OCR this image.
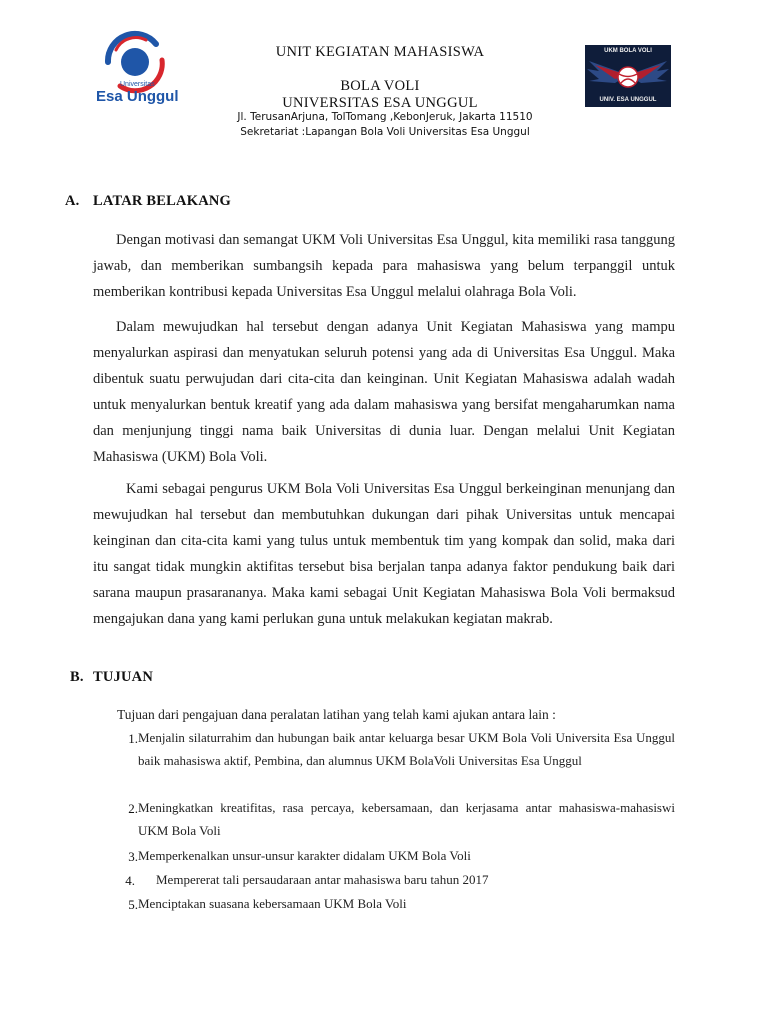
Universitas
Esa Unggul
UKM BOLA VOLI
UNIV. ESA UNGGUL
UNIT KEGIATAN MAHASISWA
BOLA VOLI
UNIVERSITAS ESA UNGGUL
Jl. TerusanArjuna, TolTomang ,KebonJeruk, Jakarta 11510
Sekretariat :Lapangan Bola Voli Universitas Esa Unggul
A. LATAR BELAKANG

Dengan motivasi dan semangat UKM Voli Universitas Esa Unggul, kita memiliki rasa tanggung jawab, dan memberikan sumbangsih kepada para mahasiswa yang belum terpanggil untuk memberikan kontribusi kepada Universitas Esa Unggul melalui olahraga Bola Voli.

Dalam mewujudkan hal tersebut dengan adanya Unit Kegiatan Mahasiswa yang mampu menyalurkan aspirasi dan menyatukan seluruh potensi yang ada di Universitas Esa Unggul. Maka dibentuk suatu perwujudan dari cita-cita dan keinginan. Unit Kegiatan Mahasiswa adalah wadah untuk menyalurkan bentuk kreatif yang ada dalam mahasiswa yang bersifat mengaharumkan nama dan menjunjung tinggi nama baik Universitas di dunia luar. Dengan melalui Unit Kegiatan Mahasiswa (UKM) Bola Voli.

Kami sebagai pengurus UKM Bola Voli Universitas Esa Unggul berkeinginan menunjang dan mewujudkan hal tersebut dan membutuhkan dukungan dari pihak Universitas untuk mencapai keinginan dan cita-cita kami yang tulus untuk membentuk tim yang kompak dan solid, maka dari itu sangat tidak mungkin aktifitas tersebut bisa berjalan tanpa adanya faktor pendukung baik dari sarana maupun prasarananya. Maka kami sebagai Unit Kegiatan Mahasiswa Bola Voli bermaksud mengajukan dana yang kami perlukan guna untuk melakukan kegiatan makrab.

B. TUJUAN
Tujuan dari pengajuan dana peralatan latihan yang telah kami ajukan antara lain :
1. Menjalin silaturrahim dan hubungan baik antar keluarga besar UKM Bola Voli Universita Esa Unggul baik mahasiswa aktif, Pembina, dan alumnus UKM BolaVoli Universitas Esa Unggul
2. Meningkatkan kreatifitas, rasa percaya, kebersamaan, dan kerjasama antar mahasiswa-mahasiswi UKM Bola Voli
3. Memperkenalkan unsur-unsur karakter didalam UKM Bola Voli
4. Mempererat tali persaudaraan antar mahasiswa baru tahun 2017
5. Menciptakan suasana kebersamaan UKM Bola Voli
